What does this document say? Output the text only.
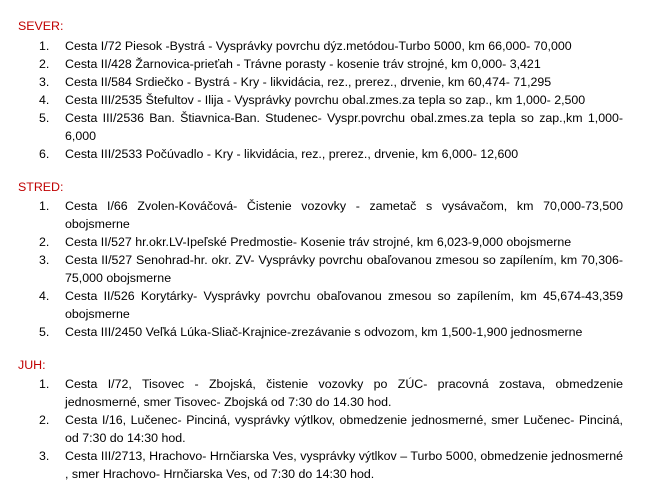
SEVER:
1. Cesta I/72 Piesok -Bystrá - Vysprávky povrchu dýz.metódou-Turbo 5000, km 66,000- 70,000
2. Cesta II/428 Žarnovica-prieťah - Trávne porasty - kosenie tráv strojné, km 0,000- 3,421
3. Cesta II/584 Srdiečko - Bystrá - Kry - likvidácia, rez., prerez., drvenie, km 60,474- 71,295
4. Cesta III/2535 Štefultov - Ilija - Vysprávky povrchu obal.zmes.za tepla so zap., km 1,000- 2,500
5. Cesta III/2536 Ban. Štiavnica-Ban. Studenec- Vyspr.povrchu obal.zmes.za tepla so zap.,km 1,000- 6,000
6. Cesta III/2533 Počúvadlo - Kry - likvidácia, rez., prerez., drvenie, km 6,000- 12,600
STRED:
1. Cesta I/66 Zvolen-Kováčová- Čistenie vozovky - zametač s vysávačom, km 70,000-73,500 obojsmerne
2. Cesta II/527 hr.okr.LV-Ipeľské Predmostie- Kosenie tráv strojné, km 6,023-9,000 obojsmerne
3. Cesta II/527 Senohrad-hr. okr. ZV- Vysprávky povrchu obaľovanou zmesou so zapílením, km 70,306-75,000 obojsmerne
4. Cesta II/526 Korytárky- Vysprávky povrchu obaľovanou zmesou so zapílením, km 45,674-43,359 obojsmerne
5. Cesta III/2450 Veľká Lúka-Sliač-Krajnice-zrezávanie s odvozom, km 1,500-1,900 jednosmerne
JUH:
1. Cesta I/72, Tisovec - Zbojská, čistenie vozovky po ZÚC- pracovná zostava, obmedzenie jednosmerné, smer Tisovec- Zbojská od 7:30 do 14.30 hod.
2. Cesta I/16, Lučenec- Pinciná, vysprávky výtlkov, obmedzenie jednosmerné, smer Lučenec- Pinciná, od 7:30 do 14:30 hod.
3. Cesta III/2713, Hrachovo- Hrnčiarska Ves, vysprávky výtlkov – Turbo 5000, obmedzenie jednosmerné , smer Hrachovo- Hrnčiarska Ves, od 7:30 do 14:30 hod.
